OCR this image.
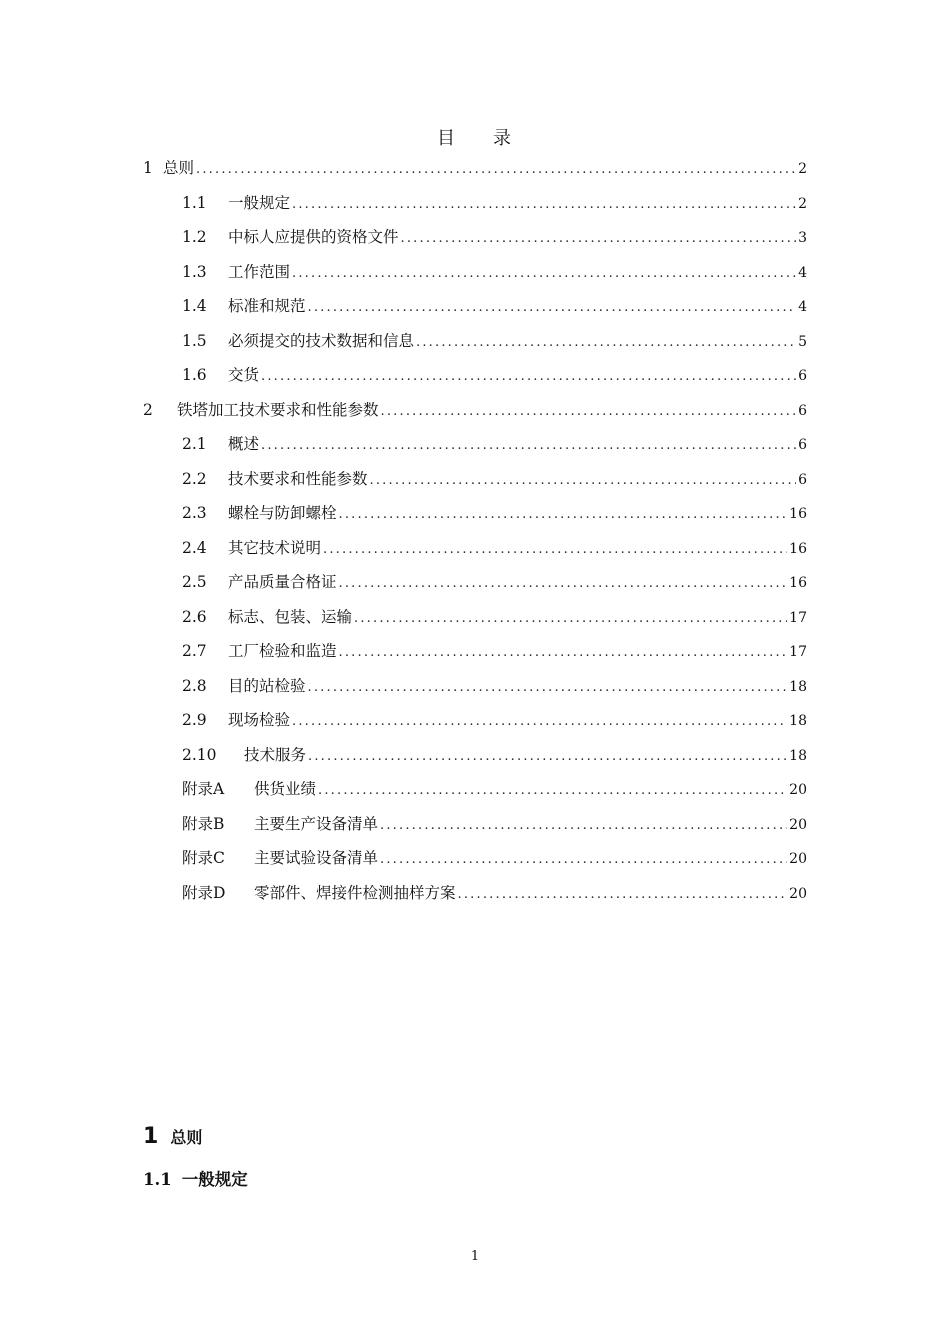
目 录
1 总则 .....	2
1.1	一般规定 .....	2
1.2	中标人应提供的资格文件 .....	3
1.3	工作范围 .....	4
1.4	标准和规范 .....	4
1.5	必须提交的技术数据和信息 .....	5
1.6	交货 .....	6
2	铁塔加工技术要求和性能参数 .....	6
2.1	概述 .....	6
2.2	技术要求和性能参数 .....	6
2.3	螺栓与防卸螺栓 .....	16
2.4	其它技术说明 .....	16
2.5	产品质量合格证 .....	16
2.6	标志、包装、运输 .....	17
2.7	工厂检验和监造 .....	17
2.8	目的站检验 .....	18
2.9	现场检验 .....	18
2.10	技术服务 .....	18
附录A	供货业绩 .....	20
附录B	主要生产设备清单 .....	20
附录C	主要试验设备清单 .....	20
附录D	零部件、焊接件检测抽样方案 .....	20
1 总则
1.1 一般规定
1
